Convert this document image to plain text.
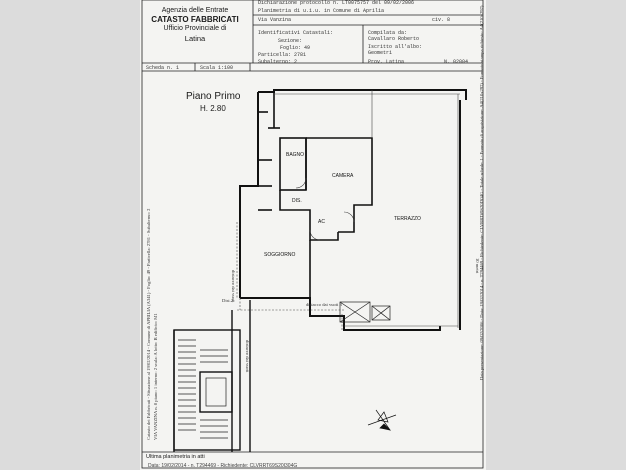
Agenzia delle Entrate
CATASTO FABBRICATI
Ufficio Provinciale di
Latina
Dichiarazione protocollo n. LT0075757 del 09/02/2006
Planimetria di u.i.u. in Comune di Aprilia
Via Vanzina	civ. 8
Identificativi Catastali:
Sezione:
Foglio: 49
Particella: 2781
Subalterno: 2
Compilata da:
Cavallaro Roberto
Iscritto all'albo:
Geometri
Prov. Latina	N. 02004
Scheda n. 1	Scala 1:100
Piano Primo
H. 2.80
Ultima planimetria in atti
Data: 19/02/2014 - n. T294469 - Richiedente: CLVRRT69S20I304G
BAGNO
CAMERA
DIS.
AC	TERRAZZO
SOGGIORNO
distacco dai vuoti 3
Dist.2
distacco dai vuoti
distacco dai vuoti
10 metri
Catasto dei Fabbricati - Situazione al 19/02/2014 - Comune di APRILIA (A341) - Foglio: 49 - Particella: 2781 - Subalterno: 2 VIA VANZINA n. 8 piano: 1 interno: 2 scala: A lotto: B edificio: M1	Data presentazione: 09/02/2006 - Data: 19/02/2014 - n. T294469 - Richiedente: CLVRRT69S20I304G - Totale schede: 1 - Formato di acquisizione: A4(210x297) - Formato stampa richiesto: A4(210x297)
